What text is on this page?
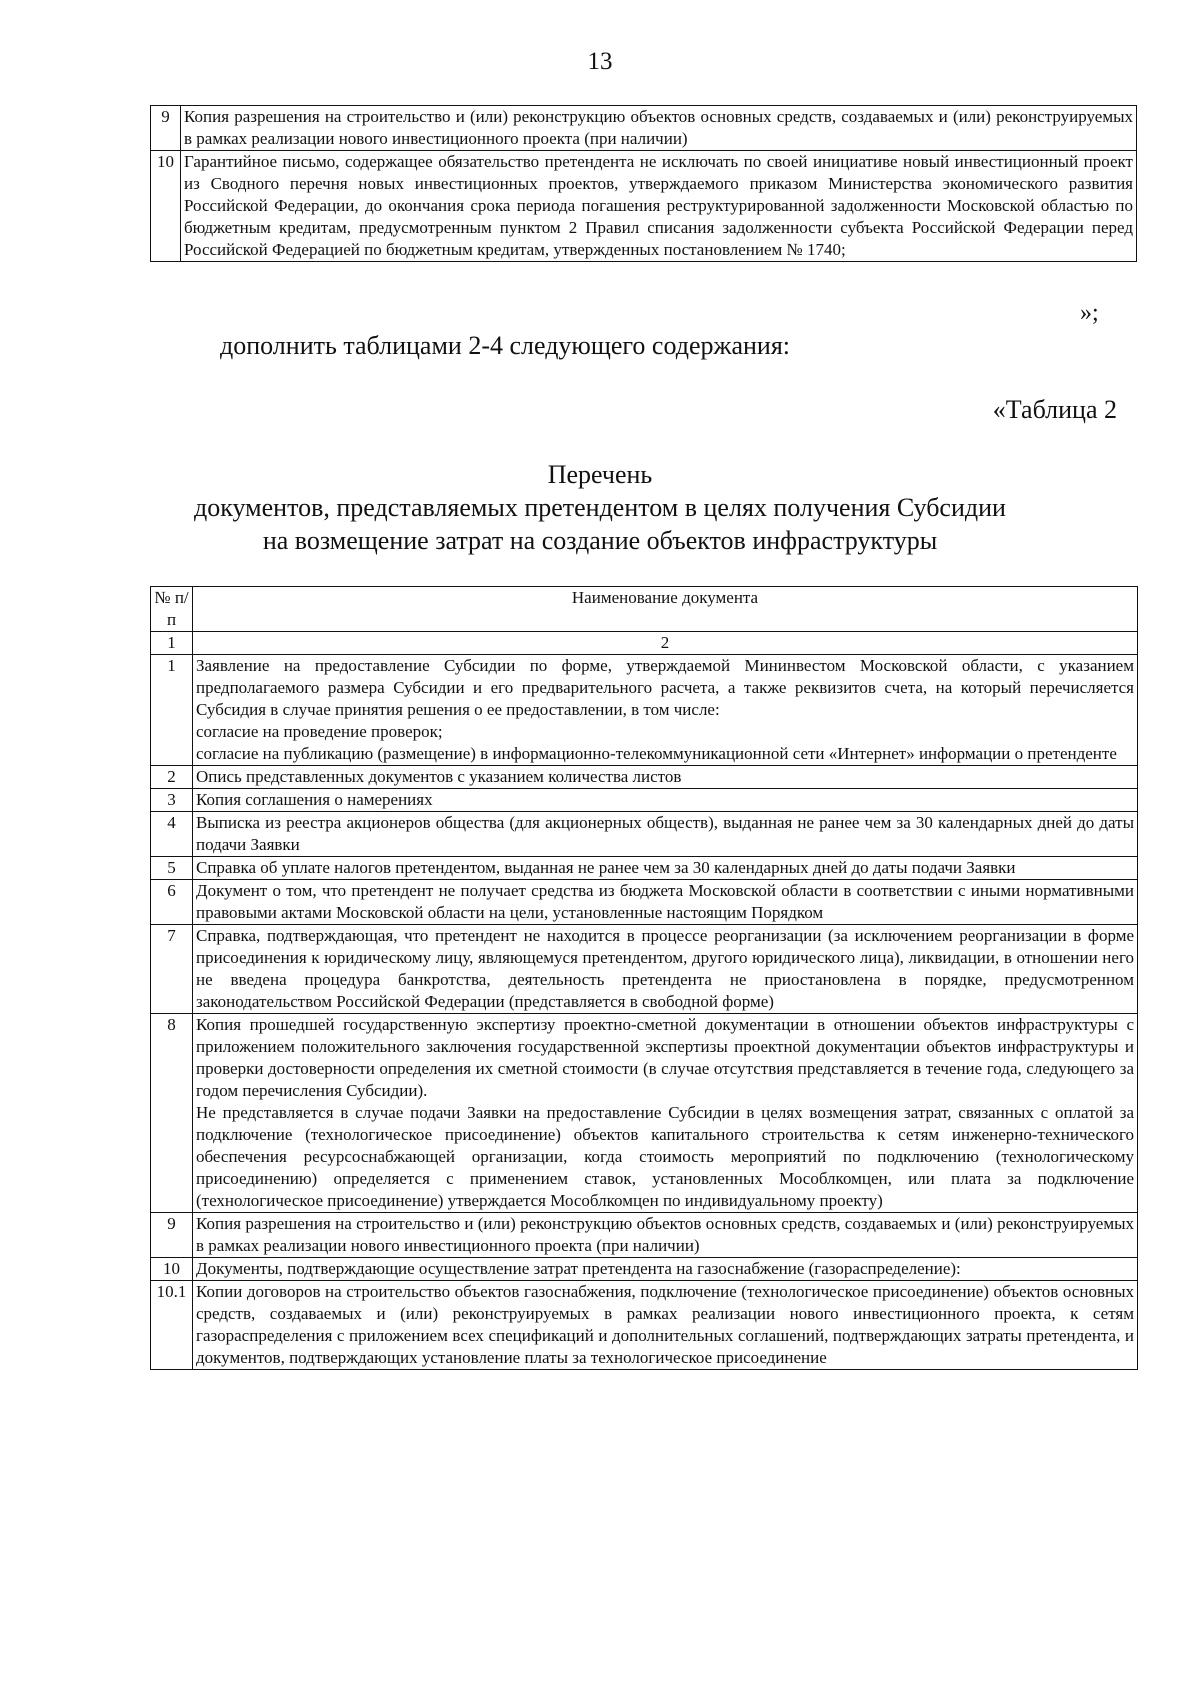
13
9	Копия разрешения на строительство и (или) реконструкцию объектов основных средств, создаваемых и (или) реконструируемых в рамках реализации нового инвестиционного проекта (при наличии)
10	Гарантийное письмо, содержащее обязательство претендента не исключать по своей инициативе новый инвестиционный проект из Сводного перечня новых инвестиционных проектов, утверждаемого приказом Министерства экономического развития Российской Федерации, до окончания срока периода погашения реструктурированной задолженности Московской областью по бюджетным кредитам, предусмотренным пунктом 2 Правил списания задолженности субъекта Российской Федерации перед Российской Федерацией по бюджетным кредитам, утвержденных постановлением № 1740;
»;
дополнить таблицами 2-4 следующего содержания:
«Таблица 2
Перечень
документов, представляемых претендентом в целях получения Субсидии
на возмещение затрат на создание объектов инфраструктуры
№ п/п	Наименование документа
1	2
1	Заявление на предоставление Субсидии по форме, утверждаемой Мининвестом Московской области, с указанием предполагаемого размера Субсидии и его предварительного расчета, а также реквизитов счета, на который перечисляется Субсидия в случае принятия решения о ее предоставлении, в том числе:
согласие на проведение проверок;
согласие на публикацию (размещение) в информационно-телекоммуникационной сети «Интернет» информации о претенденте

2	Опись представленных документов с указанием количества листов
3	Копия соглашения о намерениях
4	Выписка из реестра акционеров общества (для акционерных обществ), выданная не ранее чем за 30 календарных дней до даты подачи Заявки
5	Справка об уплате налогов претендентом, выданная не ранее чем за 30 календарных дней до даты подачи Заявки
6	Документ о том, что претендент не получает средства из бюджета Московской области в соответствии с иными нормативными правовыми актами Московской области на цели, установленные настоящим Порядком
7	Справка, подтверждающая, что претендент не находится в процессе реорганизации (за исключением реорганизации в форме присоединения к юридическому лицу, являющемуся претендентом, другого юридического лица), ликвидации, в отношении него не введена процедура банкротства, деятельность претендента не приостановлена в порядке, предусмотренном законодательством Российской Федерации (представляется в свободной форме)
8	Копия прошедшей государственную экспертизу проектно-сметной документации в отношении объектов инфраструктуры с приложением положительного заключения государственной экспертизы проектной документации объектов инфраструктуры и проверки достоверности определения их сметной стоимости (в случае отсутствия представляется в течение года, следующего за годом перечисления Субсидии).
Не представляется в случае подачи Заявки на предоставление Субсидии в целях возмещения затрат, связанных с оплатой за подключение (технологическое присоединение) объектов капитального строительства к сетям инженерно-технического обеспечения ресурсоснабжающей организации, когда стоимость мероприятий по подключению (технологическому присоединению) определяется с применением ставок, установленных Мособлкомцен, или плата за подключение (технологическое присоединение) утверждается Мособлкомцен по индивидуальному проекту)

9	Копия разрешения на строительство и (или) реконструкцию объектов основных средств, создаваемых и (или) реконструируемых в рамках реализации нового инвестиционного проекта (при наличии)
10	Документы, подтверждающие осуществление затрат претендента на газоснабжение (газораспределение):
10.1	Копии договоров на строительство объектов газоснабжения, подключение (технологическое присоединение) объектов основных средств, создаваемых и (или) реконструируемых в рамках реализации нового инвестиционного проекта, к сетям газораспределения с приложением всех спецификаций и дополнительных соглашений, подтверждающих затраты претендента, и документов, подтверждающих установление платы за технологическое присоединение
